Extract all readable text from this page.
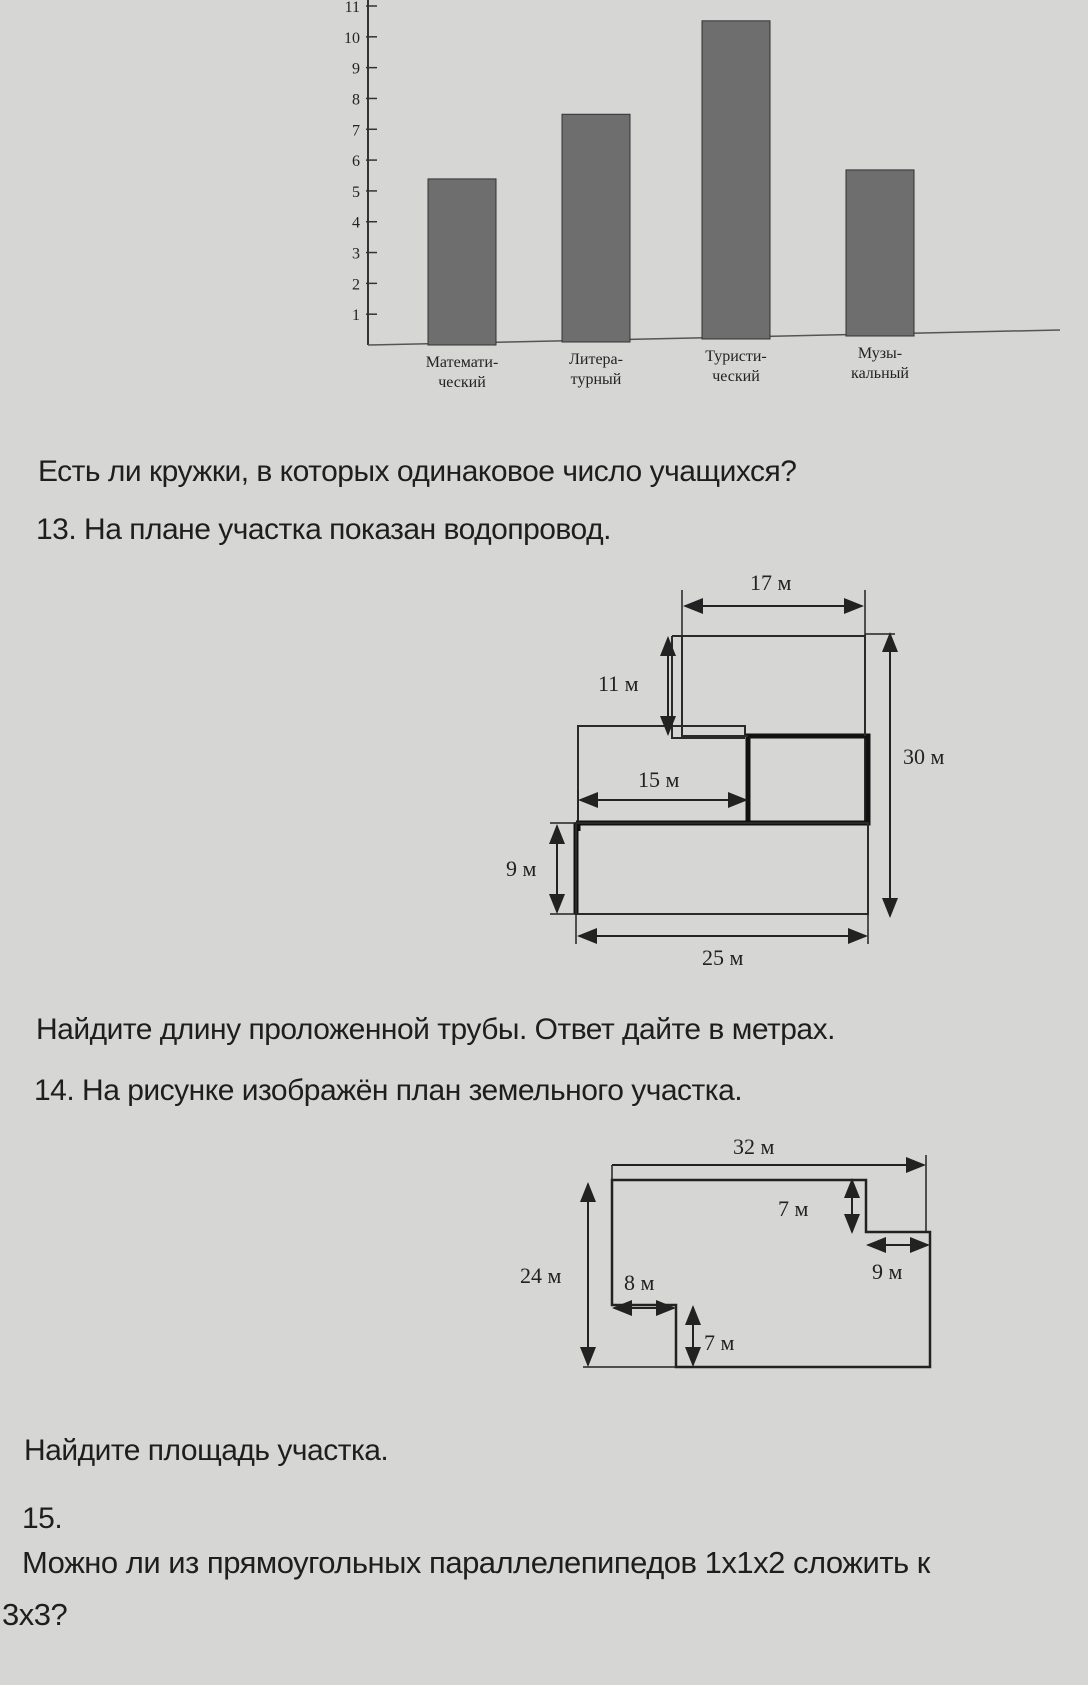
1
2
3
4
5
6
7
8
9
10
11
Математи-
ческий
Литера-
турный
Туристи-
ческий
Музы-
кальный
Есть ли кружки, в которых одинаковое число учащихся?
13. На плане участка показан водопровод.
17 м
11 м
30 м
15 м
9 м
25 м
Найдите длину проложенной трубы. Ответ дайте в метрах.
14. На рисунке изображён план земельного участка.
32 м
24 м
7 м
9 м
8 м
7 м
Найдите площадь участка.
15.
Можно ли из прямоугольных параллелепипедов 1х1х2 сложить к
3х3?
